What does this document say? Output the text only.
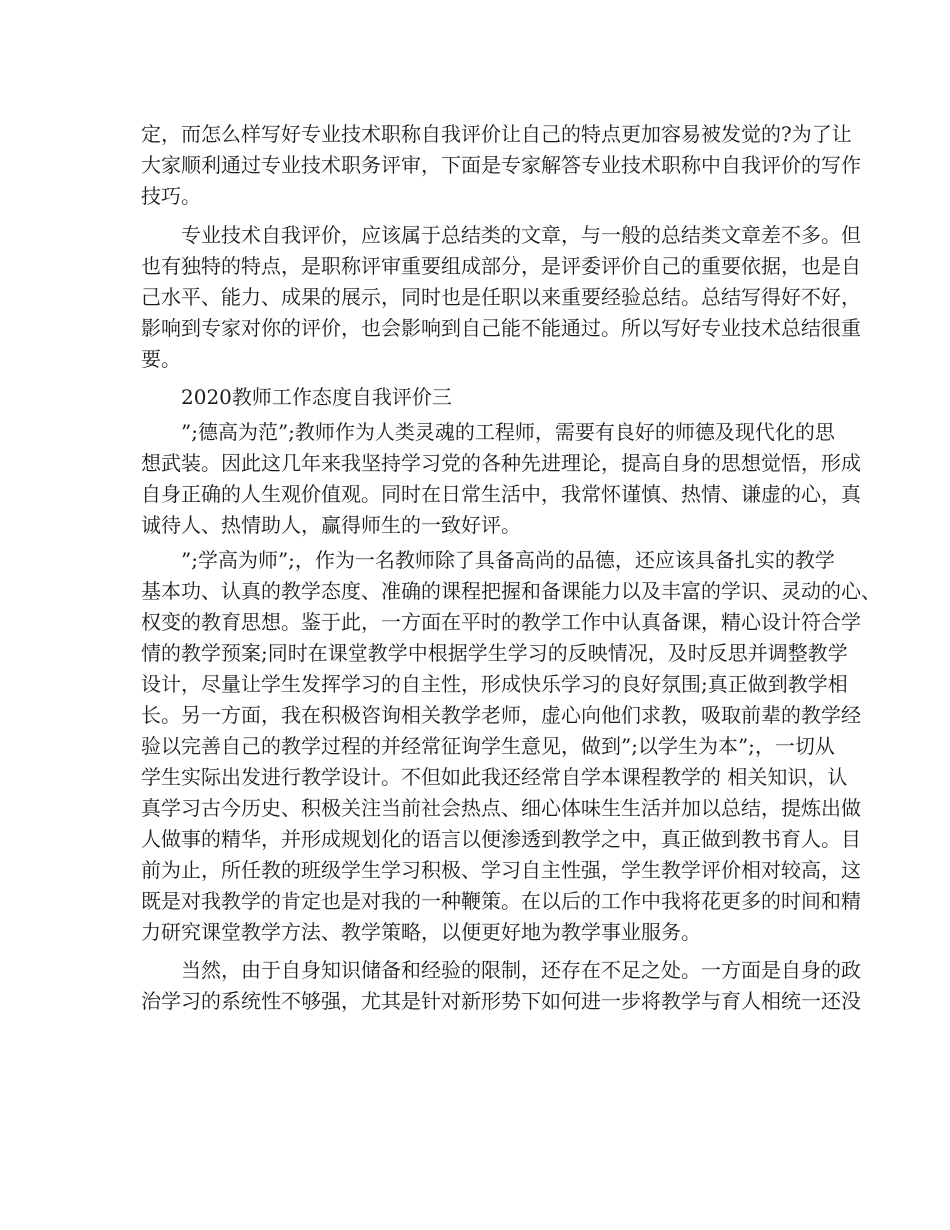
定，而怎么样写好专业技术职称自我评价让自己的特点更加容易被发觉的?为了让

大家顺利通过专业技术职务评审，下面是专家解答专业技术职称中自我评价的写作

技巧。

　　专业技术自我评价，应该属于总结类的文章，与一般的总结类文章差不多。但

也有独特的特点，是职称评审重要组成部分，是评委评价自己的重要依据，也是自

己水平、能力、成果的展示，同时也是任职以来重要经验总结。总结写得好不好，

影响到专家对你的评价，也会影响到自己能不能通过。所以写好专业技术总结很重

要。

　　2020教师工作态度自我评价三

　　”;德高为范”;教师作为人类灵魂的工程师，需要有良好的师德及现代化的思

想武装。因此这几年来我坚持学习党的各种先进理论，提高自身的思想觉悟，形成

自身正确的人生观价值观。同时在日常生活中，我常怀谨慎、热情、谦虚的心，真

诚待人、热情助人，赢得师生的一致好评。

　　”;学高为师”;，作为一名教师除了具备高尚的品德，还应该具备扎实的教学

基本功、认真的教学态度、准确的课程把握和备课能力以及丰富的学识、灵动的心、

权变的教育思想。鉴于此，一方面在平时的教学工作中认真备课，精心设计符合学

情的教学预案;同时在课堂教学中根据学生学习的反映情况，及时反思并调整教学

设计，尽量让学生发挥学习的自主性，形成快乐学习的良好氛围;真正做到教学相

长。另一方面，我在积极咨询相关教学老师，虚心向他们求教，吸取前辈的教学经

验以完善自己的教学过程的并经常征询学生意见，做到”;以学生为本”;，一切从

学生实际出发进行教学设计。不但如此我还经常自学本课程教学的 相关知识，认

真学习古今历史、积极关注当前社会热点、细心体味生生活并加以总结，提炼出做

人做事的精华，并形成规划化的语言以便渗透到教学之中，真正做到教书育人。目

前为止，所任教的班级学生学习积极、学习自主性强，学生教学评价相对较高，这

既是对我教学的肯定也是对我的一种鞭策。在以后的工作中我将花更多的时间和精

力研究课堂教学方法、教学策略，以便更好地为教学事业服务。

　　当然，由于自身知识储备和经验的限制，还存在不足之处。一方面是自身的政

治学习的系统性不够强，尤其是针对新形势下如何进一步将教学与育人相统一还没
